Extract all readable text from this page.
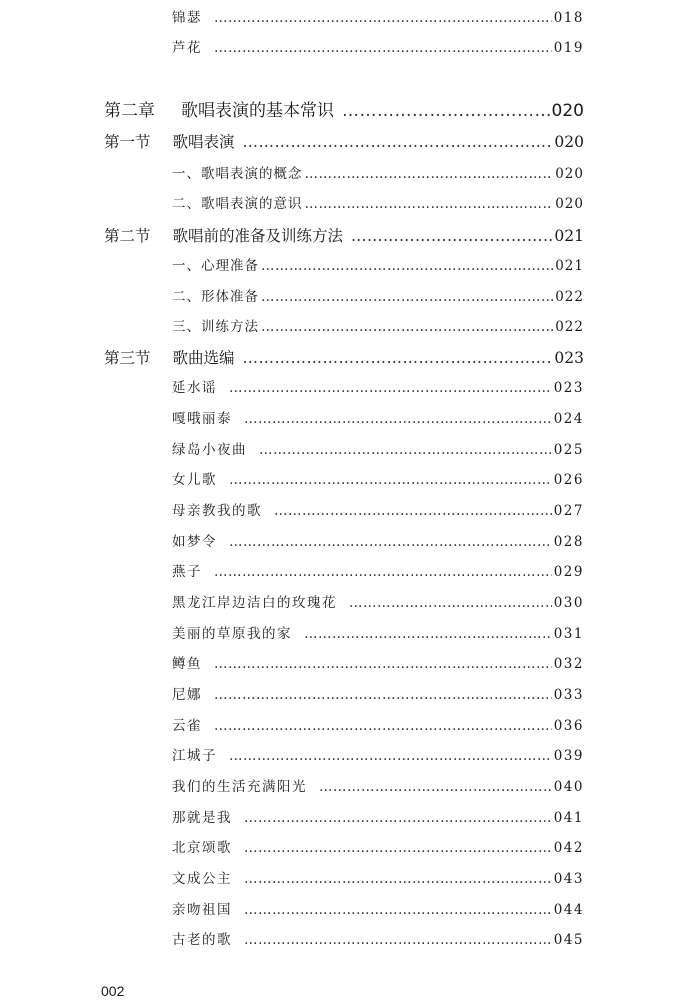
锦瑟 ……………………………………………………………………………………………………………………………………………………………………………………………………………………	018
芦花 ……………………………………………………………………………………………………………………………………………………………………………………………………………………	019
第二章 歌唱表演的基本常识 ……………………………………………………………………………………………………………………………………………………………………………………………………………………	020
第一节 歌唱表演 ……………………………………………………………………………………………………………………………………………………………………………………………………………………	020
一、歌唱表演的概念 ……………………………………………………………………………………………………………………………………………………………………………………………………………………	020
二、歌唱表演的意识 ……………………………………………………………………………………………………………………………………………………………………………………………………………………	020
第二节 歌唱前的准备及训练方法 ……………………………………………………………………………………………………………………………………………………………………………………………………………………	021
一、心理准备 ……………………………………………………………………………………………………………………………………………………………………………………………………………………	021
二、形体准备 ……………………………………………………………………………………………………………………………………………………………………………………………………………………	022
三、训练方法 ……………………………………………………………………………………………………………………………………………………………………………………………………………………	022
第三节 歌曲选编 ……………………………………………………………………………………………………………………………………………………………………………………………………………………	023
延水谣 ……………………………………………………………………………………………………………………………………………………………………………………………………………………	023
嘎哦丽泰 ……………………………………………………………………………………………………………………………………………………………………………………………………………………	024
绿岛小夜曲 ……………………………………………………………………………………………………………………………………………………………………………………………………………………	025
女儿歌 ……………………………………………………………………………………………………………………………………………………………………………………………………………………	026
母亲教我的歌 ……………………………………………………………………………………………………………………………………………………………………………………………………………………	027
如梦令 ……………………………………………………………………………………………………………………………………………………………………………………………………………………	028
燕子 ……………………………………………………………………………………………………………………………………………………………………………………………………………………	029
黑龙江岸边洁白的玫瑰花 ……………………………………………………………………………………………………………………………………………………………………………………………………………………	030
美丽的草原我的家 ……………………………………………………………………………………………………………………………………………………………………………………………………………………	031
鳟鱼 ……………………………………………………………………………………………………………………………………………………………………………………………………………………	032
尼娜 ……………………………………………………………………………………………………………………………………………………………………………………………………………………	033
云雀 ……………………………………………………………………………………………………………………………………………………………………………………………………………………	036
江城子 ……………………………………………………………………………………………………………………………………………………………………………………………………………………	039
我们的生活充满阳光 ……………………………………………………………………………………………………………………………………………………………………………………………………………………	040
那就是我 ……………………………………………………………………………………………………………………………………………………………………………………………………………………	041
北京颂歌 ……………………………………………………………………………………………………………………………………………………………………………………………………………………	042
文成公主 ……………………………………………………………………………………………………………………………………………………………………………………………………………………	043
亲吻祖国 ……………………………………………………………………………………………………………………………………………………………………………………………………………………	044
古老的歌 ……………………………………………………………………………………………………………………………………………………………………………………………………………………	045
002
